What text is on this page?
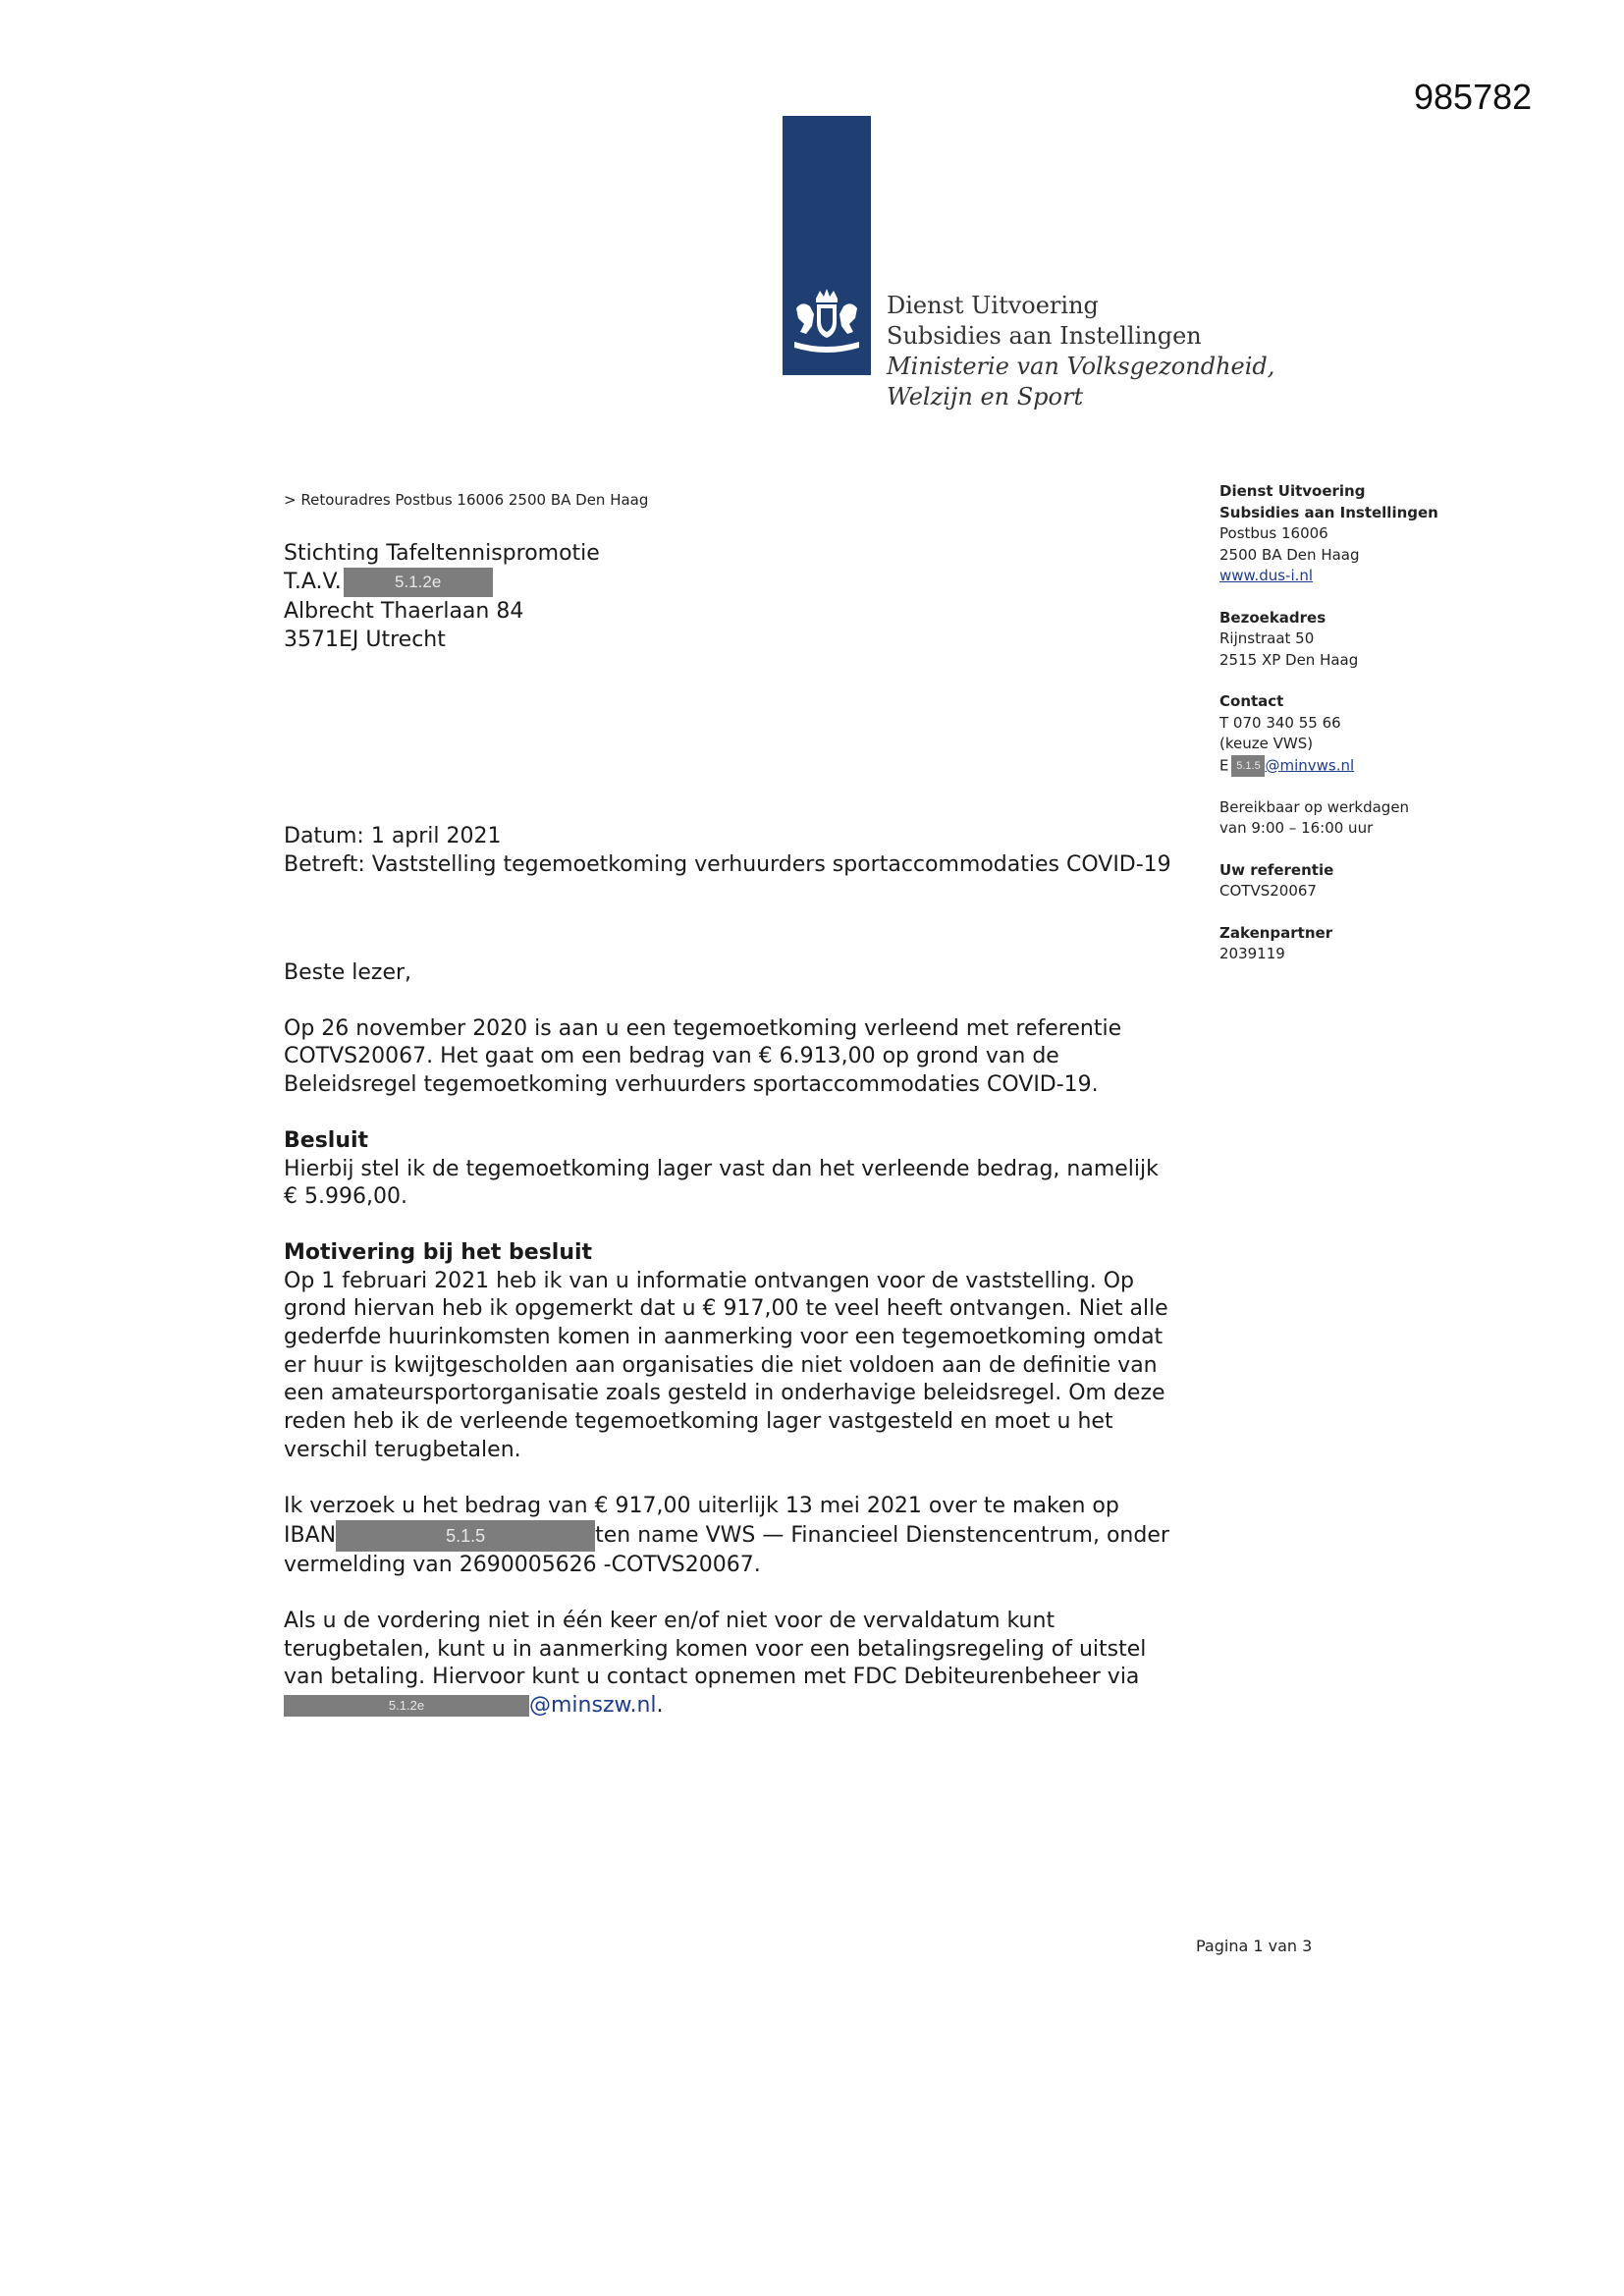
985782
Dienst Uitvoering
Subsidies aan Instellingen
Ministerie van Volksgezondheid,
Welzijn en Sport
> Retouradres Postbus 16006 2500 BA Den Haag
Stichting Tafeltennispromotie
T.A.V.	5.1.2e
Albrecht Thaerlaan 84
3571EJ Utrecht
Dienst Uitvoering
Subsidies aan Instellingen
Postbus 16006
2500 BA Den Haag
www.dus-i.nl
Bezoekadres
Rijnstraat 50
2515 XP Den Haag
Contact
T 070 340 55 66
(keuze VWS)
E 5.1.5 @minvws.nl
Bereikbaar op werkdagen
van 9:00 – 16:00 uur
Uw referentie
COTVS20067
Zakenpartner
2039119
Datum: 1 april 2021
Betreft: Vaststelling tegemoetkoming verhuurders sportaccommodaties COVID-19

Beste lezer,

Op 26 november 2020 is aan u een tegemoetkoming verleend met referentie
COTVS20067. Het gaat om een bedrag van € 6.913,00 op grond van de
Beleidsregel tegemoetkoming verhuurders sportaccommodaties COVID-19.

Besluit
Hierbij stel ik de tegemoetkoming lager vast dan het verleende bedrag, namelijk
€ 5.996,00.

Motivering bij het besluit
Op 1 februari 2021 heb ik van u informatie ontvangen voor de vaststelling. Op
grond hiervan heb ik opgemerkt dat u € 917,00 te veel heeft ontvangen. Niet alle
gederfde huurinkomsten komen in aanmerking voor een tegemoetkoming omdat
er huur is kwijtgescholden aan organisaties die niet voldoen aan de definitie van
een amateursportorganisatie zoals gesteld in onderhavige beleidsregel. Om deze
reden heb ik de verleende tegemoetkoming lager vastgesteld en moet u het
verschil terugbetalen.

Ik verzoek u het bedrag van € 917,00 uiterlijk 13 mei 2021 over te maken op
IBAN	5.1.5	ten name VWS — Financieel Dienstencentrum, onder
vermelding van 2690005626 -COTVS20067.

Als u de vordering niet in één keer en/of niet voor de vervaldatum kunt
terugbetalen, kunt u in aanmerking komen voor een betalingsregeling of uitstel
van betaling. Hiervoor kunt u contact opnemen met FDC Debiteurenbeheer via
5.1.2e	@minszw.nl.

Pagina 1 van 3
